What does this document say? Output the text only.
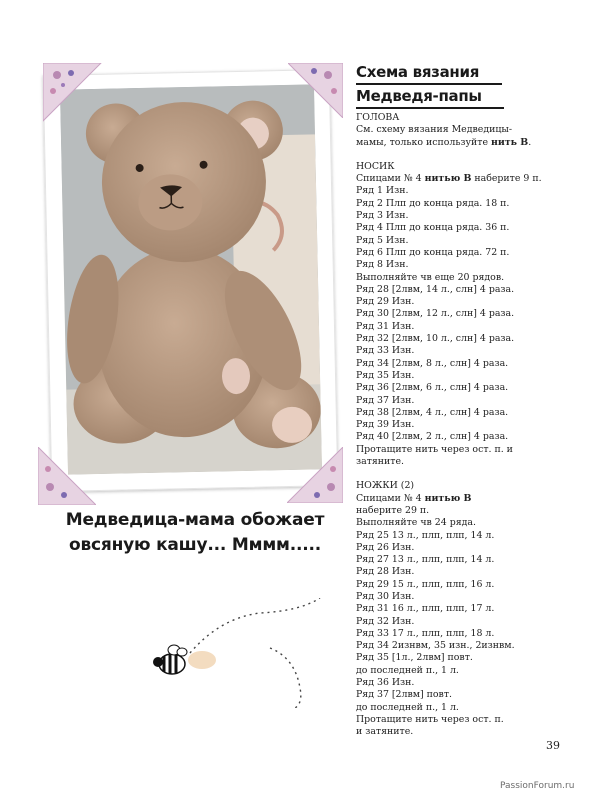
Медведица-мама обожает
овсяную кашу... Мммм.....
Схема вязания
Медведя-папы
ГОЛОВА
См. схему вязания Медведицы-
мамы, только используйте нить В.
НОСИК
Спицами № 4 нитью В наберите 9 п.
Ряд 1 Изн.
Ряд 2 Плп до конца ряда. 18 п.
Ряд 3 Изн.
Ряд 4 Плп до конца ряда. 36 п.
Ряд 5 Изн.
Ряд 6 Плп до конца ряда. 72 п.
Ряд 8 Изн.
Выполняйте чв еще 20 рядов.
Ряд 28 [2лвм, 14 л., слн] 4 раза.
Ряд 29 Изн.
Ряд 30 [2лвм, 12 л., слн] 4 раза.
Ряд 31 Изн.
Ряд 32 [2лвм, 10 л., слн] 4 раза.
Ряд 33 Изн.
Ряд 34 [2лвм, 8 л., слн] 4 раза.
Ряд 35 Изн.
Ряд 36 [2лвм, 6 л., слн] 4 раза.
Ряд 37 Изн.
Ряд 38 [2лвм, 4 л., слн] 4 раза.
Ряд 39 Изн.
Ряд 40 [2лвм, 2 л., слн] 4 раза.
Протащите нить через ост. п. и
затяните.
НОЖКИ (2)
Спицами № 4 нитью В
наберите 29 п.
Выполняйте чв 24 ряда.
Ряд 25 13 л., плп, плп, 14 л.
Ряд 26 Изн.
Ряд 27 13 л., плп, плп, 14 л.
Ряд 28 Изн.
Ряд 29 15 л., плп, плп, 16 л.
Ряд 30 Изн.
Ряд 31 16 л., плп, плп, 17 л.
Ряд 32 Изн.
Ряд 33 17 л., плп, плп, 18 л.
Ряд 34 2изнвм, 35 изн., 2изнвм.
Ряд 35 [1л., 2лвм] повт.
до последней п., 1 л.
Ряд 36 Изн.
Ряд 37 [2лвм] повт.
до последней п., 1 л.
Протащите нить через ост. п.
и затяните.
39
PassionForum.ru
